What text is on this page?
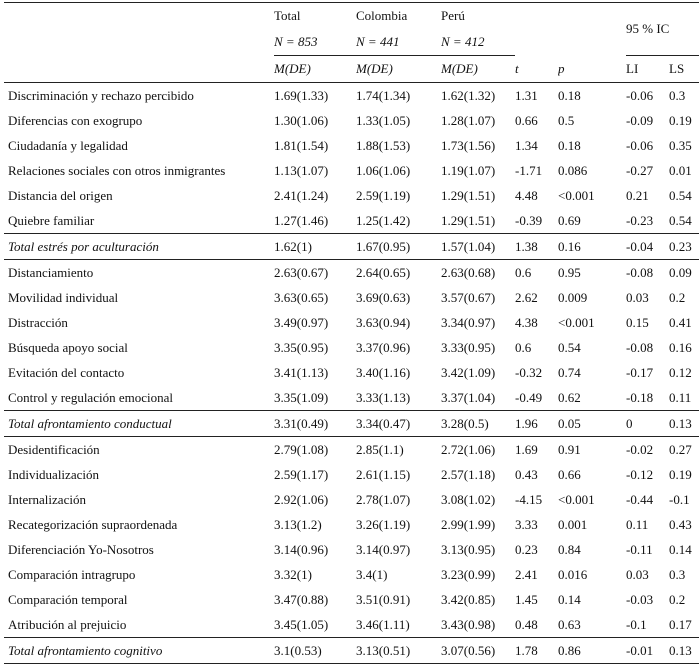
	Total	Colombia	Perú			95 % IC	
	N = 853	N = 441	N = 412				
	M(DE)	M(DE)	M(DE)	t	p	LI	LS
Discriminación y rechazo percibido	1.69(1.33)	1.74(1.34)	1.62(1.32)	1.31	0.18	-0.06	0.3
Diferencias con exogrupo	1.30(1.06)	1.33(1.05)	1.28(1.07)	0.66	0.5	-0.09	0.19
Ciudadanía y legalidad	1.81(1.54)	1.88(1.53)	1.73(1.56)	1.34	0.18	-0.06	0.35
Relaciones sociales con otros inmigrantes	1.13(1.07)	1.06(1.06)	1.19(1.07)	-1.71	0.086	-0.27	0.01
Distancia del origen	2.41(1.24)	2.59(1.19)	1.29(1.51)	4.48	<0.001	0.21	0.54
Quiebre familiar	1.27(1.46)	1.25(1.42)	1.29(1.51)	-0.39	0.69	-0.23	0.54
Total estrés por aculturación	1.62(1)	1.67(0.95)	1.57(1.04)	1.38	0.16	-0.04	0.23
Distanciamiento	2.63(0.67)	2.64(0.65)	2.63(0.68)	0.6	0.95	-0.08	0.09
Movilidad individual	3.63(0.65)	3.69(0.63)	3.57(0.67)	2.62	0.009	0.03	0.2
Distracción	3.49(0.97)	3.63(0.94)	3.34(0.97)	4.38	<0.001	0.15	0.41
Búsqueda apoyo social	3.35(0.95)	3.37(0.96)	3.33(0.95)	0.6	0.54	-0.08	0.16
Evitación del contacto	3.41(1.13)	3.40(1.16)	3.42(1.09)	-0.32	0.74	-0.17	0.12
Control y regulación emocional	3.35(1.09)	3.33(1.13)	3.37(1.04)	-0.49	0.62	-0.18	0.11
Total afrontamiento conductual	3.31(0.49)	3.34(0.47)	3.28(0.5)	1.96	0.05	0	0.13
Desidentificación	2.79(1.08)	2.85(1.1)	2.72(1.06)	1.69	0.91	-0.02	0.27
Individualización	2.59(1.17)	2.61(1.15)	2.57(1.18)	0.43	0.66	-0.12	0.19
Internalización	2.92(1.06)	2.78(1.07)	3.08(1.02)	-4.15	<0.001	-0.44	-0.1
Recategorización supraordenada	3.13(1.2)	3.26(1.19)	2.99(1.99)	3.33	0.001	0.11	0.43
Diferenciación Yo-Nosotros	3.14(0.96)	3.14(0.97)	3.13(0.95)	0.23	0.84	-0.11	0.14
Comparación intragrupo	3.32(1)	3.4(1)	3.23(0.99)	2.41	0.016	0.03	0.3
Comparación temporal	3.47(0.88)	3.51(0.91)	3.42(0.85)	1.45	0.14	-0.03	0.2
Atribución al prejuicio	3.45(1.05)	3.46(1.11)	3.43(0.98)	0.48	0.63	-0.1	0.17
Total afrontamiento cognitivo	3.1(0.53)	3.13(0.51)	3.07(0.56)	1.78	0.86	-0.01	0.13
